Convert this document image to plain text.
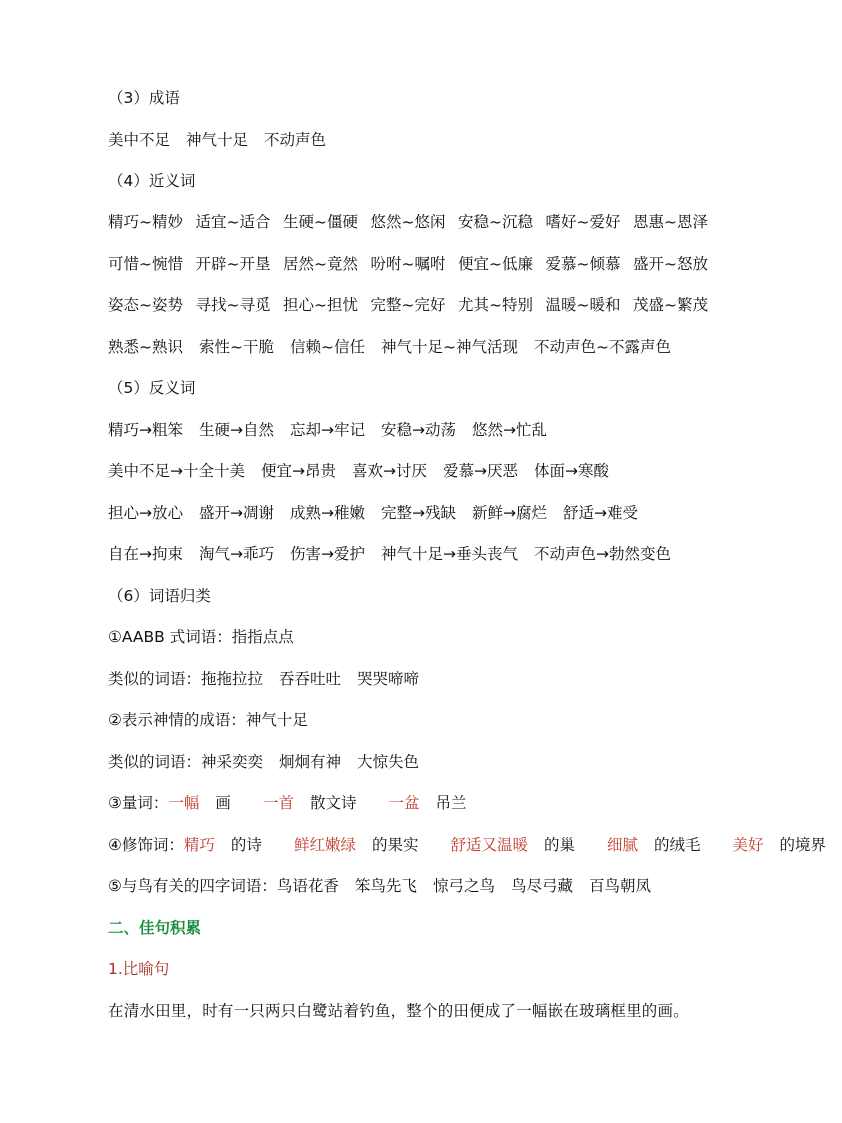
（3）成语
美中不足 神气十足 不动声色
（4）近义词
精巧~精妙 适宜~适合 生硬~僵硬 悠然~悠闲 安稳~沉稳 嗜好~爱好 恩惠~恩泽
可惜~惋惜 开辟~开垦 居然~竟然 吩咐~嘱咐 便宜~低廉 爱慕~倾慕 盛开~怒放
姿态~姿势 寻找~寻觅 担心~担忧 完整~完好 尤其~特别 温暖~暖和 茂盛~繁茂
熟悉~熟识 索性~干脆 信赖~信任 神气十足~神气活现 不动声色~不露声色
（5）反义词
精巧→粗笨 生硬→自然 忘却→牢记 安稳→动荡 悠然→忙乱
美中不足→十全十美 便宜→昂贵 喜欢→讨厌 爱慕→厌恶 体面→寒酸
担心→放心 盛开→凋谢 成熟→稚嫩 完整→残缺 新鲜→腐烂 舒适→难受
自在→拘束 淘气→乖巧 伤害→爱护 神气十足→垂头丧气 不动声色→勃然变色
（6）词语归类
①AABB 式词语：指指点点
类似的词语： 拖拖拉拉 吞吞吐吐 哭哭啼啼
②表示神情的成语：神气十足
类似的词语： 神采奕奕 炯炯有神 大惊失色
③量词： 一幅 画	一首 散文诗	一盆 吊兰
④修饰词： 精巧 的诗	鲜红嫩绿 的果实	舒适又温暖 的巢	细腻 的绒毛	美好 的境界
⑤与鸟有关的四字词语： 鸟语花香 笨鸟先飞 惊弓之鸟 鸟尽弓藏 百鸟朝凤
二、佳句积累
1.比喻句
在清水田里，时有一只两只白鹭站着钓鱼，整个的田便成了一幅嵌在玻璃框里的画。
